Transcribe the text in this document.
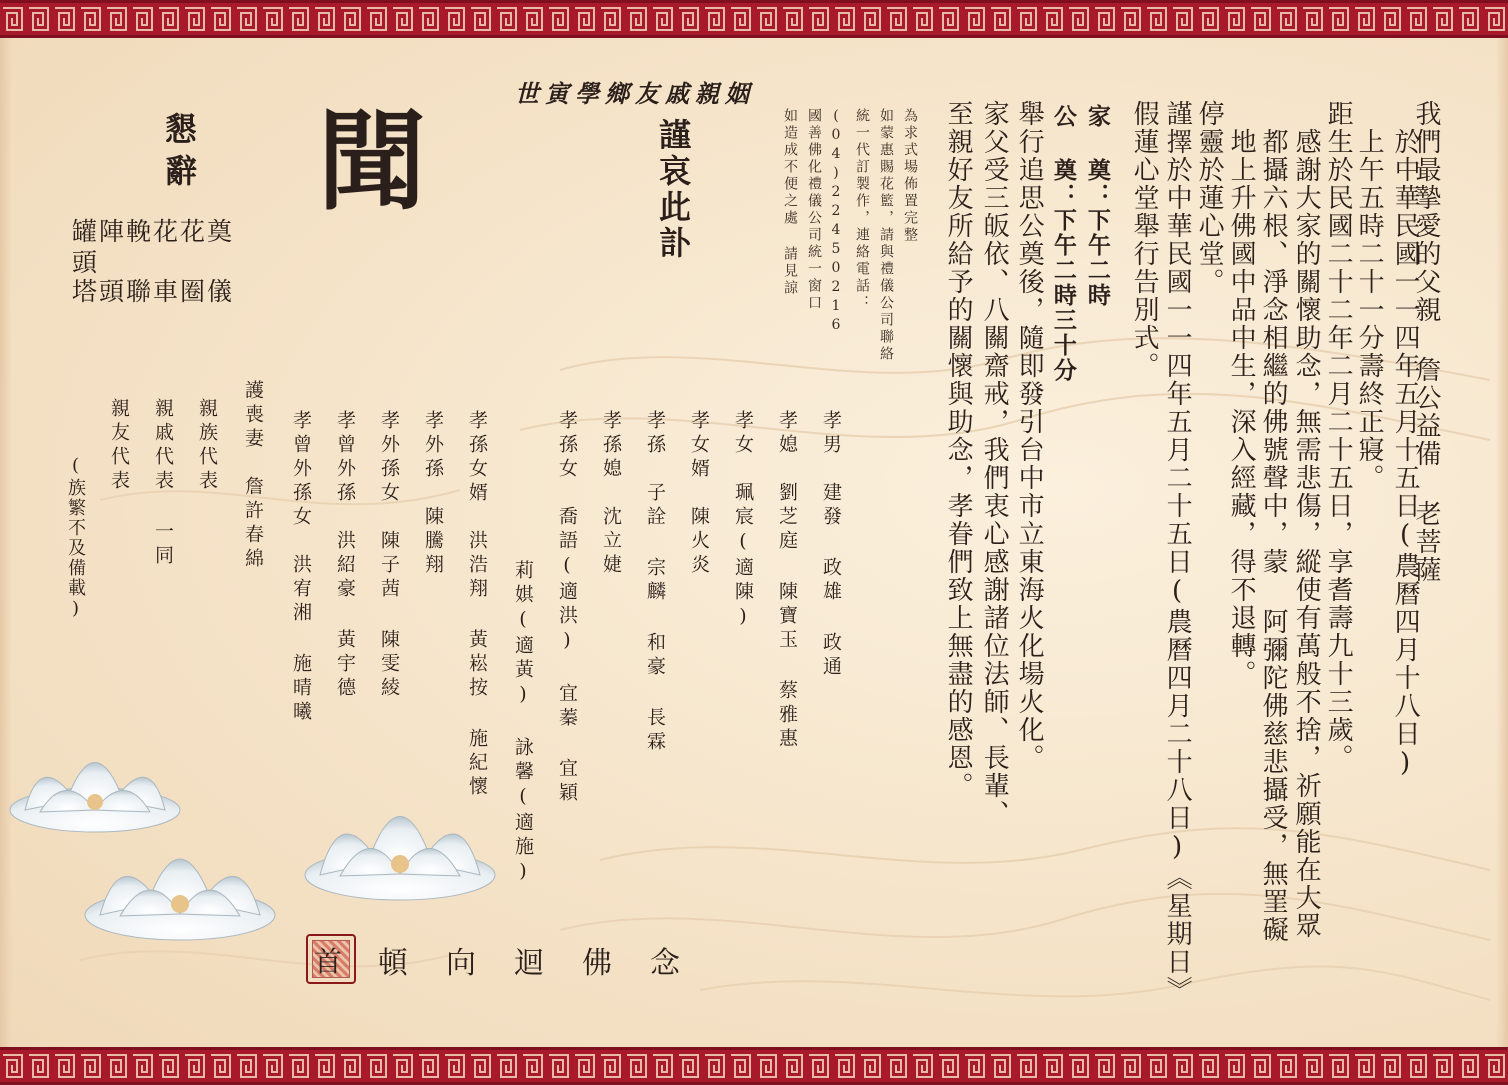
我們最摯愛的父親 詹公益備 老菩薩
於中華民國一一四年五月十五日(農曆四月十八日)
上午五時二十一分壽終正寢。
距生於民國二十二年二月二十五日，享耆壽九十三歲。
感謝大家的關懷助念，無需悲傷，縱使有萬般不捨，祈願能在大眾
都攝六根、淨念相繼的佛號聲中，蒙 阿彌陀佛慈悲攝受，無罣礙
地上升佛國中品中生，深入經藏，得不退轉。
停靈於蓮心堂。
謹擇於中華民國一一四年五月二十五日(農曆四月二十八日)《星期日》
假蓮心堂舉行告別式。
家 奠：下午二時
公 奠：下午二時三十分
舉行追思公奠後，隨即發引台中市立東海火化場火化。
家父受三皈依、八關齋戒，我們衷心感謝諸位法師、長輩、
至親好友所給予的關懷與助念，孝眷們致上無盡的感恩。
世寅學鄉友戚親姻
為求式場佈置完整
如蒙惠賜花籃，請與禮儀公司聯絡
統一代訂製作，連絡電話：
(04)22450216
國善佛化禮儀公司統一窗口
如造成不便之處 請見諒
謹哀此訃
聞
懇辭
罐陣輓花花奠
頭
塔頭聯車圈儀
孝男　建發 政雄 政通
孝媳　劉芝庭 陳寶玉 蔡雅惠
孝女　珮宸(適陳)
孝女婿　陳火炎
孝孫　子詮 宗麟 和豪 長霖
孝孫媳　沈立婕
孝孫女　喬語(適洪) 宜蓁 宜穎
孝孫女婿　洪浩翔 黃崧按 施紀懷 莉娸(適黃) 詠馨(適施)
孝外孫　陳騰翔
孝外孫女　陳子茜 陳雯綾
孝曾外孫　洪紹豪 黃宇德
孝曾外孫女　洪宥湘 施晴曦
護喪妻　詹許春綿
親族代表
親戚代表 一同
親友代表
(族繁不及備載)
首 頓向迴佛念
